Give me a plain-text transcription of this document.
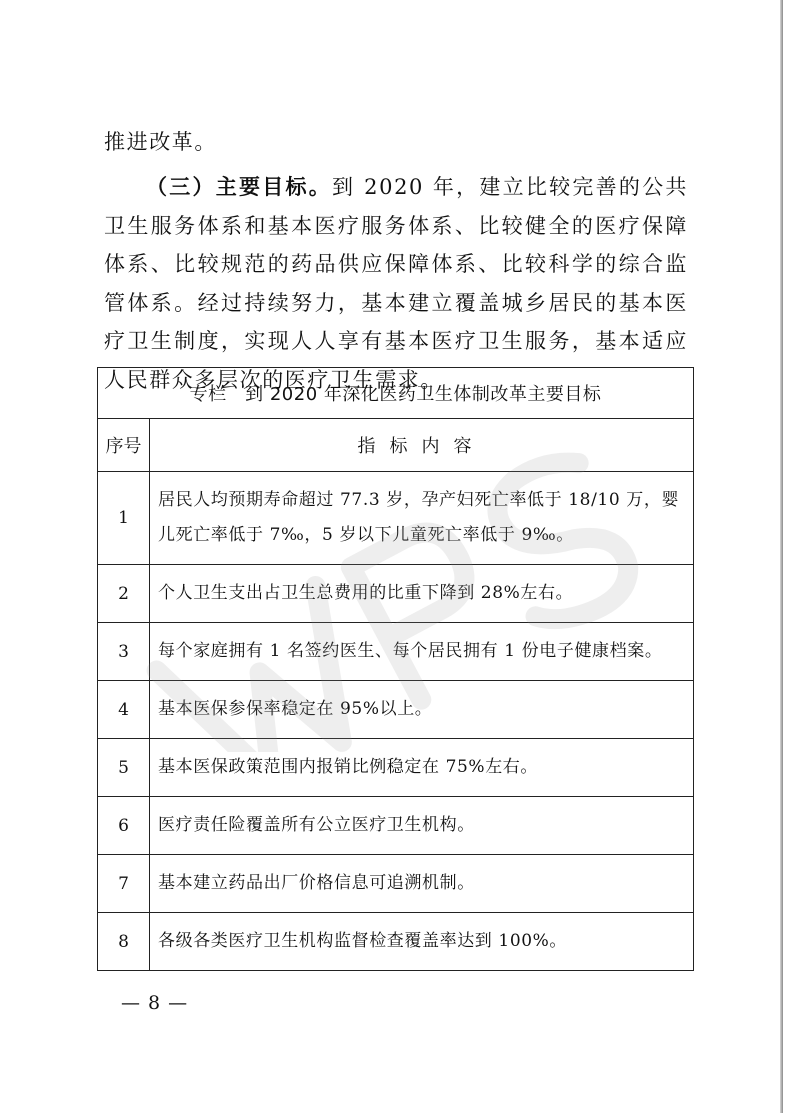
推进改革。

（三）主要目标。到 2020 年，建立比较完善的公共卫生服务体系和基本医疗服务体系、比较健全的医疗保障体系、比较规范的药品供应保障体系、比较科学的综合监管体系。经过持续努力，基本建立覆盖城乡居民的基本医疗卫生制度，实现人人享有基本医疗卫生服务，基本适应人民群众多层次的医疗卫生需求。

专栏　到 2020 年深化医药卫生体制改革主要目标	
序号	指标内容
1	居民人均预期寿命超过 77.3 岁，孕产妇死亡率低于 18/10 万，婴儿死亡率低于 7‰，5 岁以下儿童死亡率低于 9‰。
2	个人卫生支出占卫生总费用的比重下降到 28%左右。
3	每个家庭拥有 1 名签约医生、每个居民拥有 1 份电子健康档案。
4	基本医保参保率稳定在 95%以上。
5	基本医保政策范围内报销比例稳定在 75%左右。
6	医疗责任险覆盖所有公立医疗卫生机构。
7	基本建立药品出厂价格信息可追溯机制。
8	各级各类医疗卫生机构监督检查覆盖率达到 100%。
— 8 —
